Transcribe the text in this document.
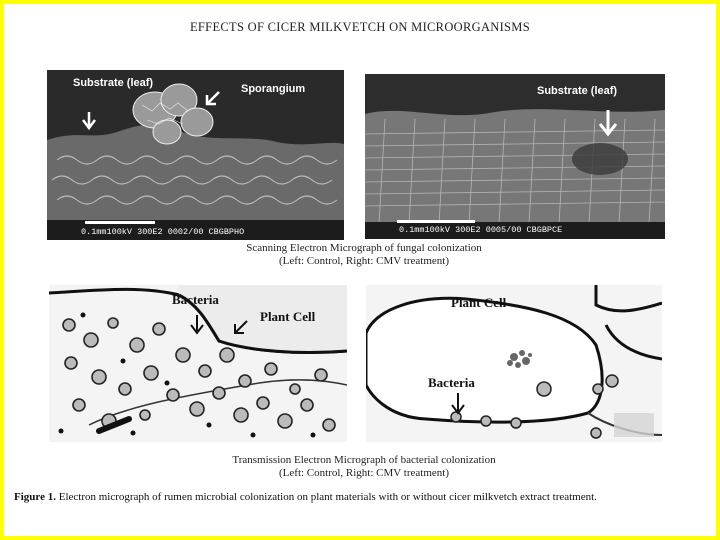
EFFECTS OF CICER MILKVETCH ON MICROORGANISMS
Substrate (leaf)	Sporangium
0.1mm100kV 300E2 0002/00 CBGBPHO
Substrate (leaf)
0.1mm100kV 300E2 0005/00 CBGBPCE
Scanning Electron Micrograph of fungal colonization
(Left: Control, Right: CMV treatment)
Bacteria
Plant Cell
Plant Cell
Bacteria
Transmission Electron Micrograph of bacterial colonization
(Left: Control, Right: CMV treatment)
Figure 1. Electron micrograph of rumen microbial colonization on plant materials with or without cicer milkvetch extract treatment.
